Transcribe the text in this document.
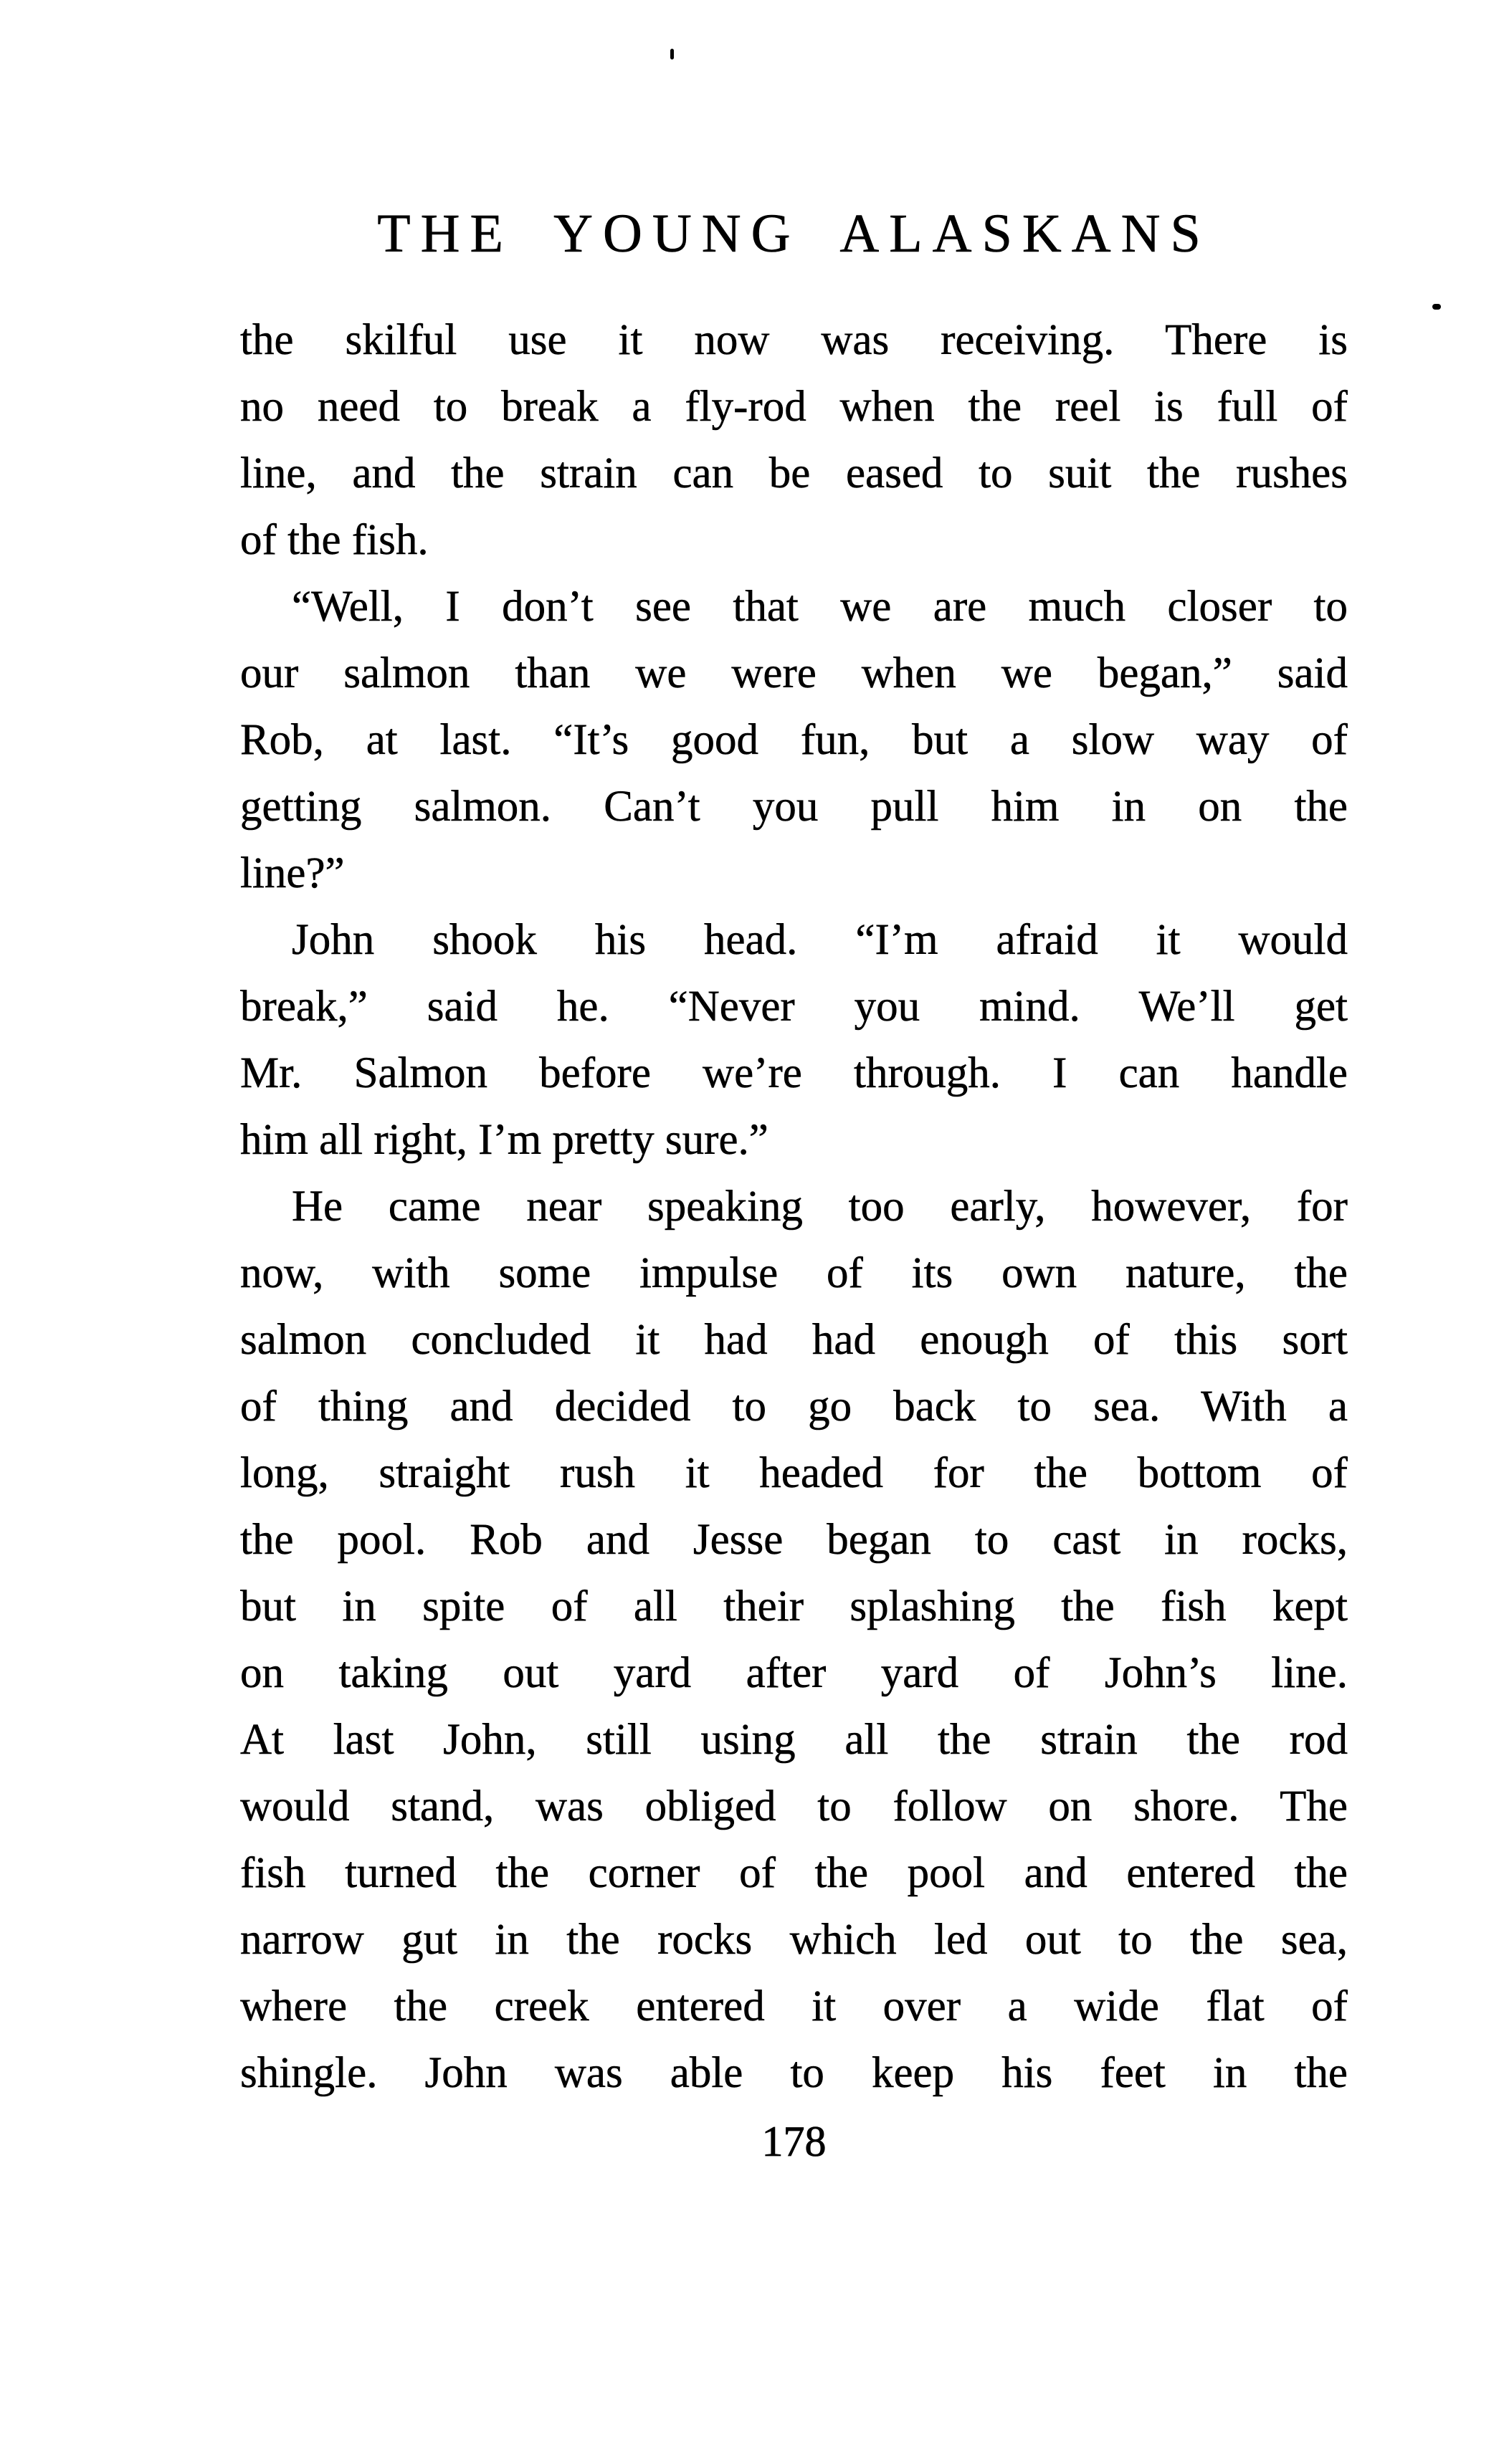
THE YOUNG ALASKANS

the skilful use it now was receiving. There is
no need to break a fly-rod when the reel is full of
line, and the strain can be eased to suit the rushes
of the fish.

“Well, I don’t see that we are much closer to
our salmon than we were when we began,” said
Rob, at last. “It’s good fun, but a slow way of
getting salmon. Can’t you pull him in on the
line?”

John shook his head. “I’m afraid it would
break,” said he. “Never you mind. We’ll get
Mr. Salmon before we’re through. I can handle
him all right, I’m pretty sure.”

He came near speaking too early, however, for
now, with some impulse of its own nature, the
salmon concluded it had had enough of this sort
of thing and decided to go back to sea. With a
long, straight rush it headed for the bottom of
the pool. Rob and Jesse began to cast in rocks,
but in spite of all their splashing the fish kept
on taking out yard after yard of John’s line.
At last John, still using all the strain the rod
would stand, was obliged to follow on shore. The
fish turned the corner of the pool and entered the
narrow gut in the rocks which led out to the sea,
where the creek entered it over a wide flat of
shingle. John was able to keep his feet in the

178
